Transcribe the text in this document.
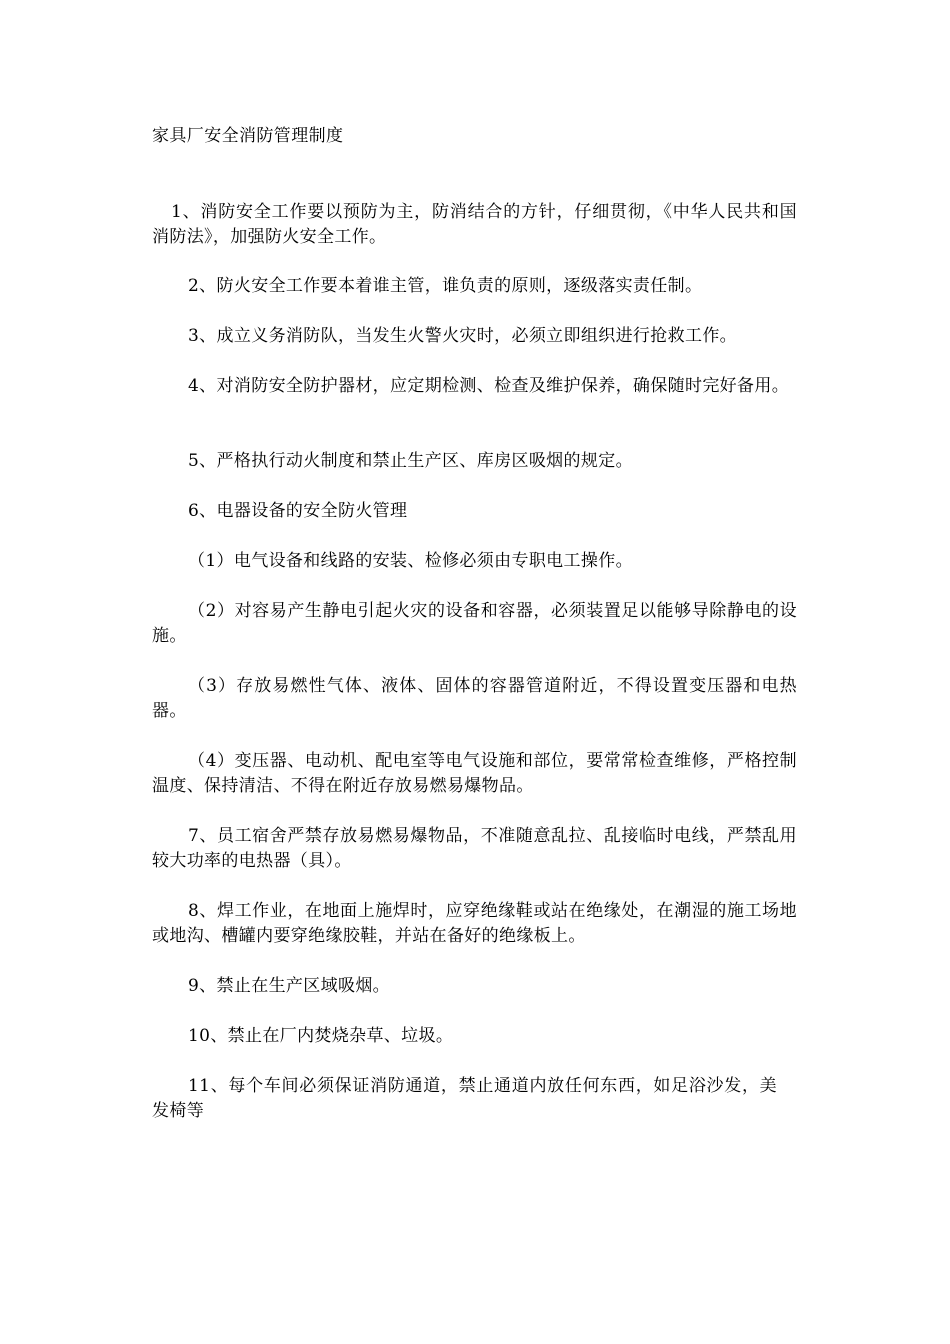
家具厂安全消防管理制度

1、消防安全工作要以预防为主，防消结合的方针，仔细贯彻，《中华人民共和国消防法》，加强防火安全工作。

2、防火安全工作要本着谁主管，谁负责的原则，逐级落实责任制。

3、成立义务消防队，当发生火警火灾时，必须立即组织进行抢救工作。

4、对消防安全防护器材，应定期检测、检查及维护保养，确保随时完好备用。

5、严格执行动火制度和禁止生产区、库房区吸烟的规定。

6、电器设备的安全防火管理

（1）电气设备和线路的安装、检修必须由专职电工操作。

（2）对容易产生静电引起火灾的设备和容器，必须装置足以能够导除静电的设施。

（3）存放易燃性气体、液体、固体的容器管道附近，不得设置变压器和电热器。

（4）变压器、电动机、配电室等电气设施和部位，要常常检查维修，严格控制温度、保持清洁、不得在附近存放易燃易爆物品。

7、员工宿舍严禁存放易燃易爆物品，不准随意乱拉、乱接临时电线，严禁乱用较大功率的电热器（具）。

8、焊工作业，在地面上施焊时，应穿绝缘鞋或站在绝缘处，在潮湿的施工场地或地沟、槽罐内要穿绝缘胶鞋，并站在备好的绝缘板上。

9、禁止在生产区域吸烟。

10、禁止在厂内焚烧杂草、垃圾。

11、每个车间必须保证消防通道，禁止通道内放任何东西，如足浴沙发，美发椅等
